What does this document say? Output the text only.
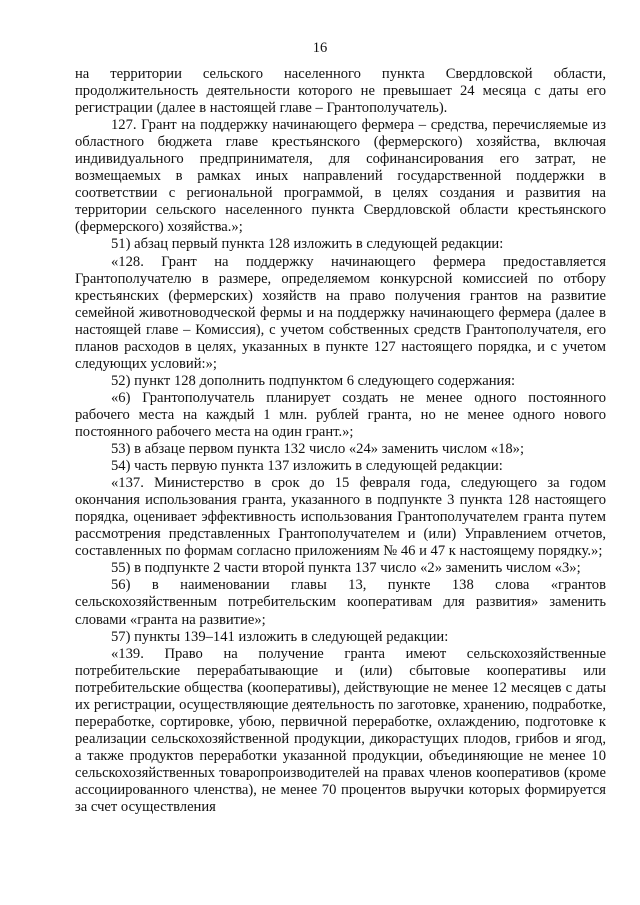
16

на территории сельского населенного пункта Свердловской области, продолжительность деятельности которого не превышает 24 месяца с даты его регистрации (далее в настоящей главе – Грантополучатель).

127. Грант на поддержку начинающего фермера – средства, перечисляемые из областного бюджета главе крестьянского (фермерского) хозяйства, включая индивидуального предпринимателя, для софинансирования его затрат, не возмещаемых в рамках иных направлений государственной поддержки в соответствии с региональной программой, в целях создания и развития на территории сельского населенного пункта Свердловской области крестьянского (фермерского) хозяйства.»;

51) абзац первый пункта 128 изложить в следующей редакции:

«128. Грант на поддержку начинающего фермера предоставляется Грантополучателю в размере, определяемом конкурсной комиссией по отбору крестьянских (фермерских) хозяйств на право получения грантов на развитие семейной животноводческой фермы и на поддержку начинающего фермера (далее в настоящей главе – Комиссия), с учетом собственных средств Грантополучателя, его планов расходов в целях, указанных в пункте 127 настоящего порядка, и с учетом следующих условий:»;

52) пункт 128 дополнить подпунктом 6 следующего содержания:

«6) Грантополучатель планирует создать не менее одного постоянного рабочего места на каждый 1 млн. рублей гранта, но не менее одного нового постоянного рабочего места на один грант.»;

53) в абзаце первом пункта 132 число «24» заменить числом «18»;

54) часть первую пункта 137 изложить в следующей редакции:

«137. Министерство в срок до 15 февраля года, следующего за годом окончания использования гранта, указанного в подпункте 3 пункта 128 настоящего порядка, оценивает эффективность использования Грантополучателем гранта путем рассмотрения представленных Грантополучателем и (или) Управлением отчетов, составленных по формам согласно приложениям № 46 и 47 к настоящему порядку.»;

55) в подпункте 2 части второй пункта 137 число «2» заменить числом «3»;

56) в наименовании главы 13, пункте 138 слова «грантов сельскохозяйственным потребительским кооперативам для развития» заменить словами «гранта на развитие»;

57) пункты 139–141 изложить в следующей редакции:

«139. Право на получение гранта имеют сельскохозяйственные потребительские перерабатывающие и (или) сбытовые кооперативы или потребительские общества (кооперативы), действующие не менее 12 месяцев с даты их регистрации, осуществляющие деятельность по заготовке, хранению, подработке, переработке, сортировке, убою, первичной переработке, охлаждению, подготовке к реализации сельскохозяйственной продукции, дикорастущих плодов, грибов и ягод, а также продуктов переработки указанной продукции, объединяющие не менее 10 сельскохозяйственных товаропроизводителей на правах членов кооперативов (кроме ассоциированного членства), не менее 70 процентов выручки которых формируется за счет осуществления
